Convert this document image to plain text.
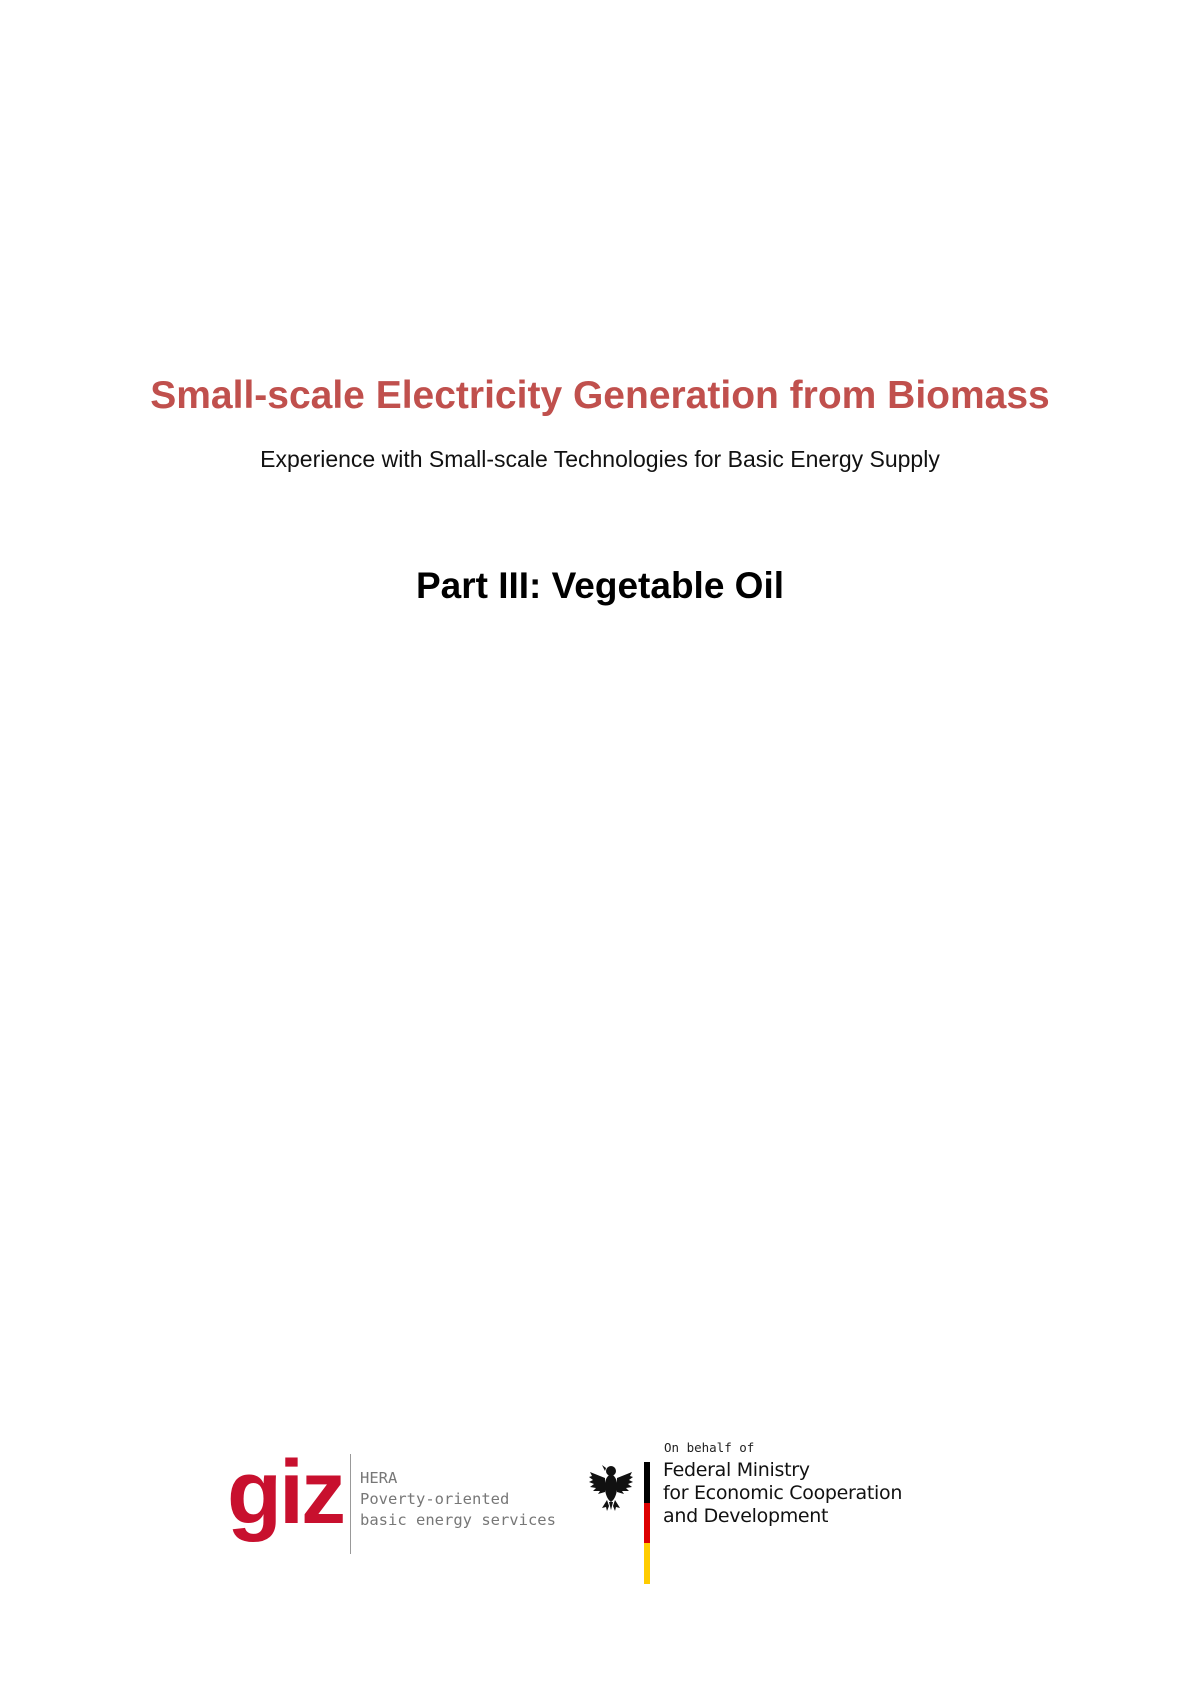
Small-scale Electricity Generation from Biomass

Experience with Small-scale Technologies for Basic Energy Supply

Part III: Vegetable Oil
giz HERA
Poverty-oriented
basic energy services
On behalf of
Federal Ministry
for Economic Cooperation
and Development
